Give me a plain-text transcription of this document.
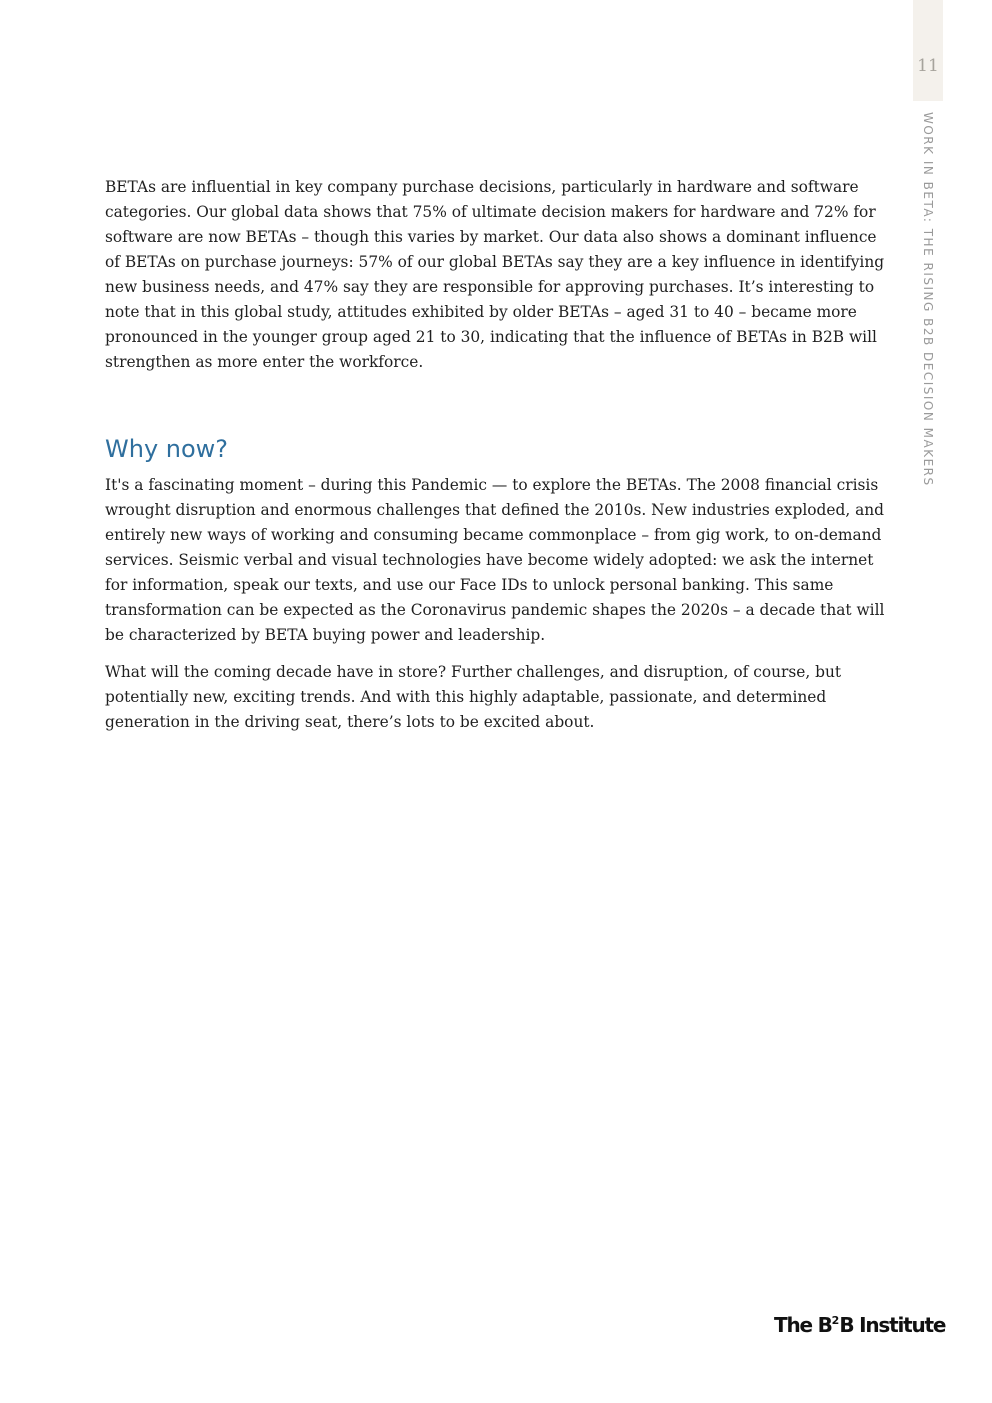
11
WORK IN BETA: THE RISING B2B DECISION MAKERS

BETAs are influential in key company purchase decisions, particularly in hardware and software categories. Our global data shows that 75% of ultimate decision makers for hardware and 72% for software are now BETAs – though this varies by market. Our data also shows a dominant influence of BETAs on purchase journeys: 57% of our global BETAs say they are a key influence in identifying new business needs, and 47% say they are responsible for approving purchases. It’s interesting to note that in this global study, attitudes exhibited by older BETAs – aged 31 to 40 – became more pronounced in the younger group aged 21 to 30, indicating that the influence of BETAs in B2B will strengthen as more enter the workforce.

Why now?

It's a fascinating moment – during this Pandemic — to explore the BETAs. The 2008 financial crisis wrought disruption and enormous challenges that defined the 2010s. New industries exploded, and entirely new ways of working and consuming became commonplace – from gig work, to on-demand services. Seismic verbal and visual technologies have become widely adopted: we ask the internet for information, speak our texts, and use our Face IDs to unlock personal banking. This same transformation can be expected as the Coronavirus pandemic shapes the 2020s – a decade that will be characterized by BETA buying power and leadership.

What will the coming decade have in store? Further challenges, and disruption, of course, but potentially new, exciting trends. And with this highly adaptable, passionate, and determined generation in the driving seat, there’s lots to be excited about.

The $B^2B$ Institute
